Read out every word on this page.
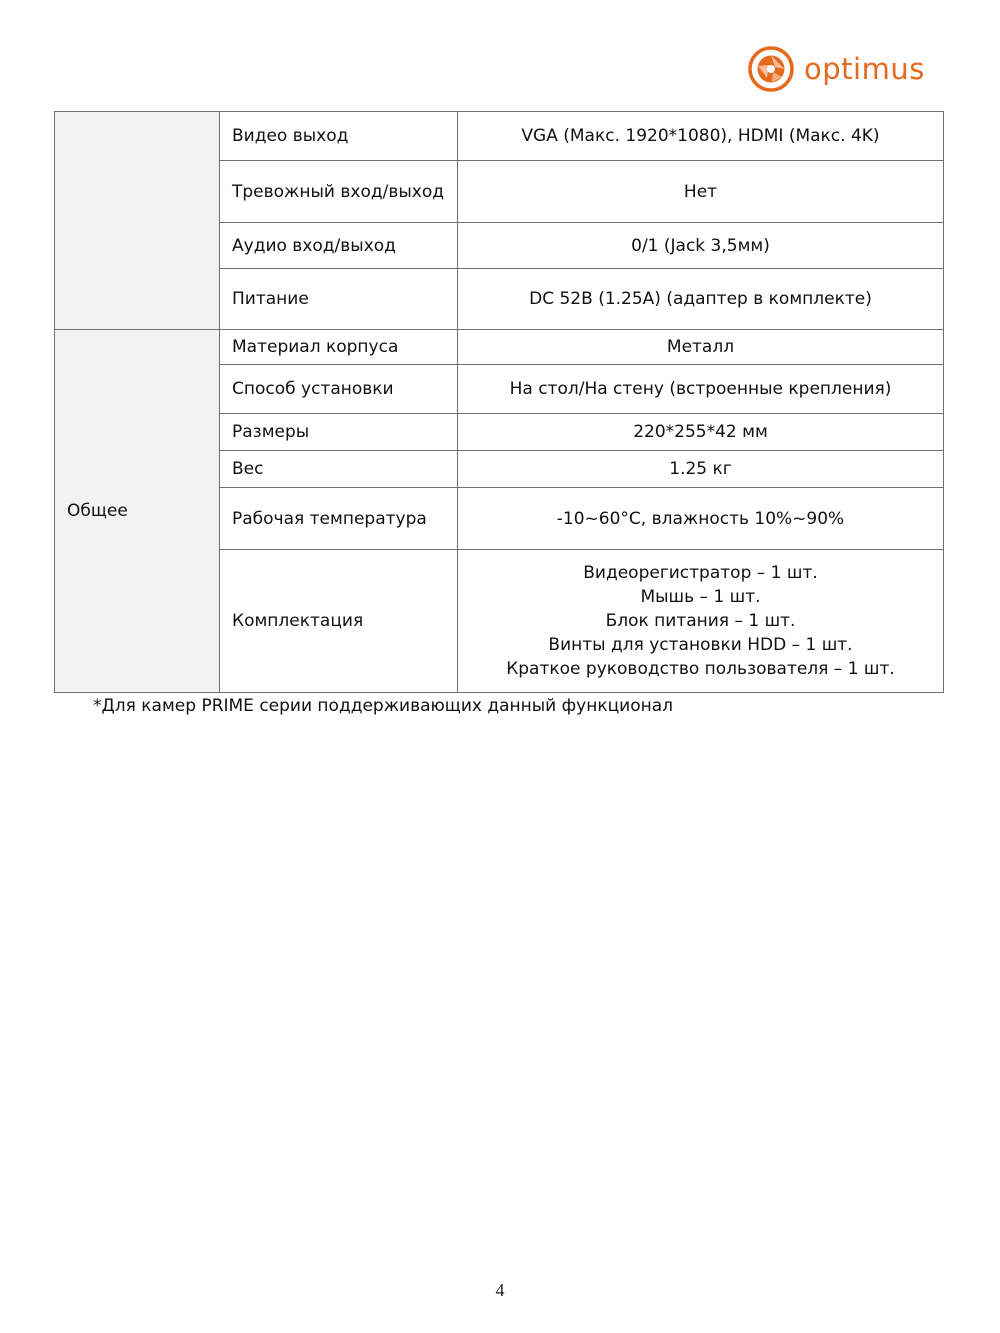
optimus
	Видео выход	VGA (Макс. 1920*1080), HDMI (Макс. 4K)
	Тревожный вход/выход	Нет
	Аудио вход/выход	0/1 (Jack 3,5мм)
	Питание	DC 52В (1.25А) (адаптер в комплекте)
Общее	Материал корпуса	Металл
	Способ установки	На стол/На стену (встроенные крепления)
	Размеры	220*255*42 мм
	Вес	1.25 кг
	Рабочая температура	-10~60°C, влажность 10%~90%
	Комплектация	Видеорегистратор – 1 шт.
Мышь – 1 шт.
Блок питания – 1 шт.
Винты для установки HDD – 1 шт.
Краткое руководство пользователя – 1 шт.
*Для камер PRIME серии поддерживающих данный функционал
4
